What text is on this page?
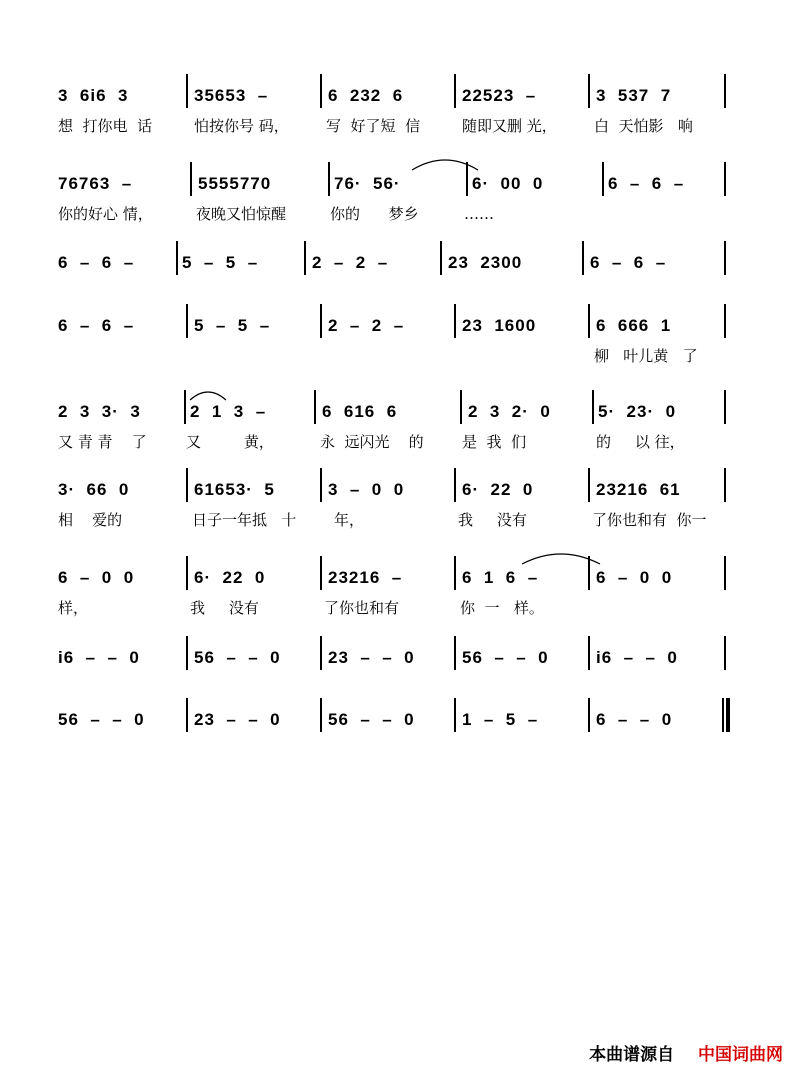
3  6i6  3

	35653  –

	6  232  6

	22523  –

	3  537  7

想  打你电  话

	怕按你号 码，

写  好了短  信

	随即又删 光，

白  天怕影   响

76763  –

	5555770

	76·  56·

	6·  00  0

	6  –  6  –

你的好心 情，

	夜晚又怕惊醒

	你的      梦乡

	……

6  –  6  –

	5  –  5  –

	2  –  2  –

	23  2300

	6  –  6  –

6  –  6  –

	5  –  5  –

	2  –  2  –

	23  1600

	6  666  1

柳   叶儿黄   了

2  3  3·  3

	2  1  3  –

	6  616  6

	2  3  2·  0

	5·  23·  0

又 青 青    了

	又         黄，

	永  远闪光    的

	是  我  们

	的     以 往，

3·  66  0

	61653·  5

	3  –  0  0

	6·  22  0

	23216  61

相    爱的

	日子一年抵   十

	年，

	我     没有

	了你也和有  你一

6  –  0  0

	6·  22  0

	23216  –

	6  1  6  –

	6  –  0  0

样，

	我     没有

	了你也和有

	你  一   样。

i6  –  –  0

	56  –  –  0

	23  –  –  0

	56  –  –  0

	i6  –  –  0

56  –  –  0

	23  –  –  0

	56  –  –  0

	1  –  5  –

	6  –  –  0

本曲谱源自 中国词曲网
